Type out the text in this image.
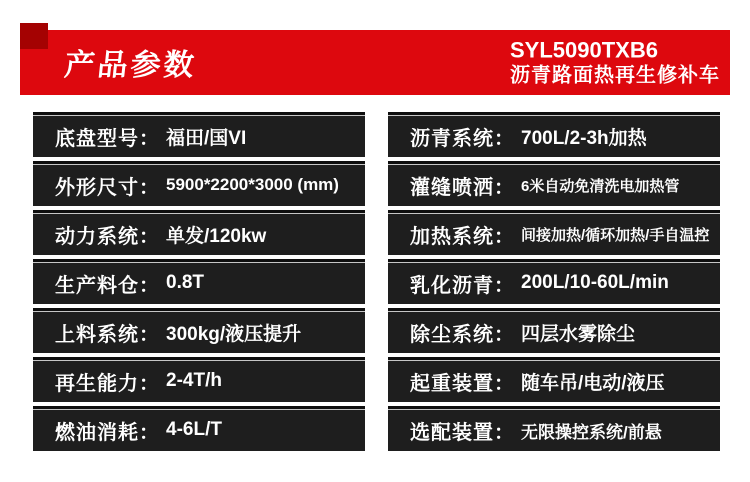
产品参数	SYL5090TXB6
沥青路面热再生修补车
底盘型号： 福田/国VI
外形尺寸： 5900*2200*3000 (mm)
动力系统： 单发/120kw
生产料仓： 0.8T
上料系统： 300kg/液压提升
再生能力： 2-4T/h
燃油消耗： 4-6L/T
沥青系统： 700L/2-3h加热
灌缝喷洒： 6米自动免清洗电加热管
加热系统： 间接加热/循环加热/手自温控
乳化沥青： 200L/10-60L/min
除尘系统： 四层水雾除尘
起重装置： 随车吊/电动/液压
选配装置： 无限操控系统/前悬
